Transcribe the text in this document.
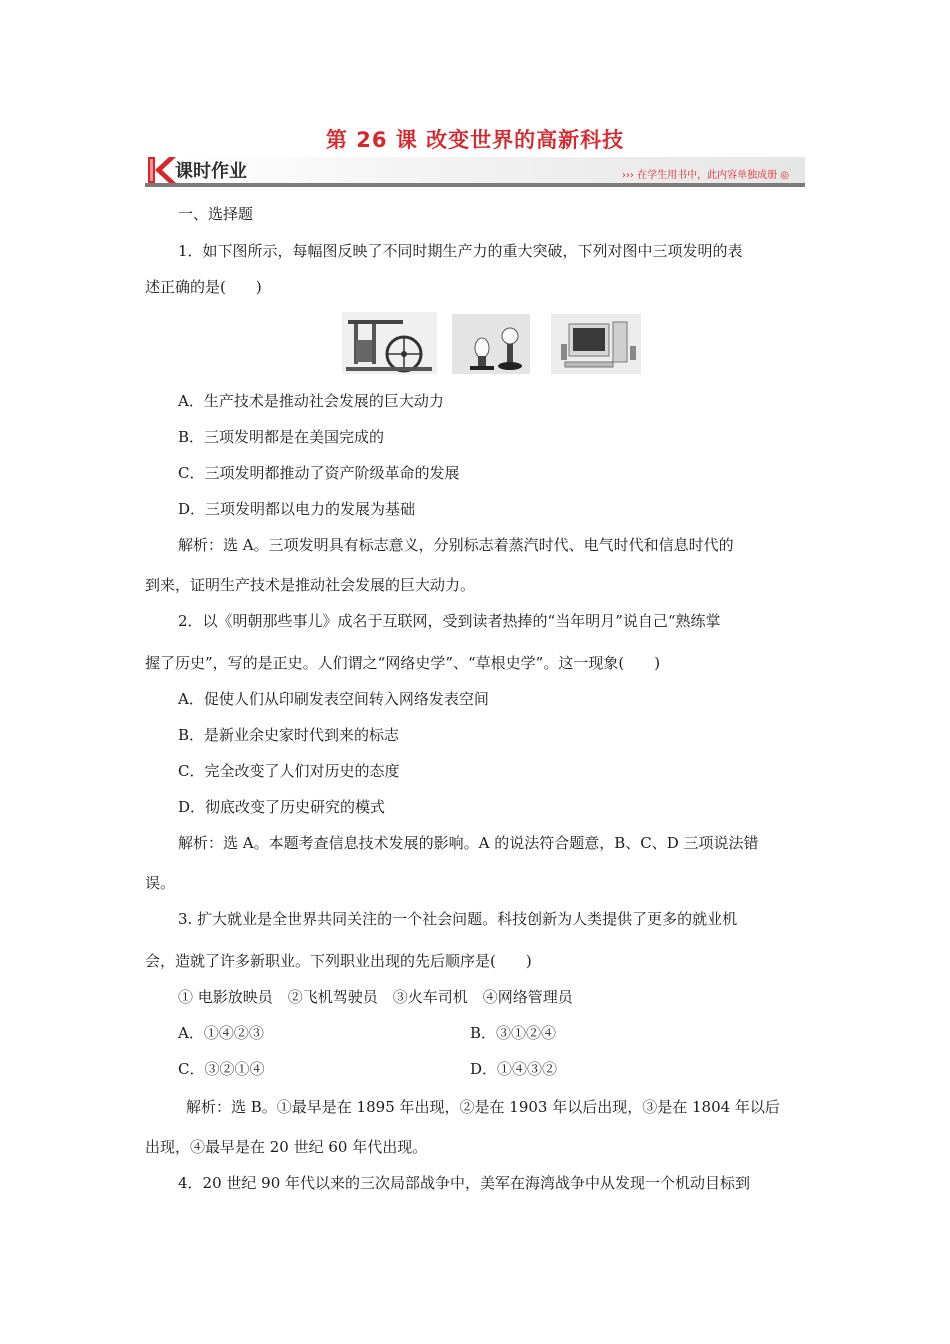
第 26 课 改变世界的高新科技
课时作业	››› 在学生用书中，此内容单独成册 ◎
一、选择题
1．如下图所示，每幅图反映了不同时期生产力的重大突破，下列对图中三项发明的表
述正确的是(　　)
A．生产技术是推动社会发展的巨大动力
B．三项发明都是在美国完成的
C．三项发明都推动了资产阶级革命的发展
D．三项发明都以电力的发展为基础
解析：选 A。三项发明具有标志意义，分别标志着蒸汽时代、电气时代和信息时代的
到来，证明生产技术是推动社会发展的巨大动力。
2．以《明朝那些事儿》成名于互联网，受到读者热捧的“当年明月”说自己“熟练掌
握了历史”，写的是正史。人们谓之“网络史学”、“草根史学”。这一现象(　　)
A．促使人们从印刷发表空间转入网络发表空间
B．是新业余史家时代到来的标志
C．完全改变了人们对历史的态度
D．彻底改变了历史研究的模式
解析：选 A。本题考查信息技术发展的影响。A 的说法符合题意，B、C、D 三项说法错
误。
3. 扩大就业是全世界共同关注的一个社会问题。科技创新为人类提供了更多的就业机
会，造就了许多新职业。下列职业出现的先后顺序是(　　)
① 电影放映员　②飞机驾驶员　③火车司机　④网络管理员
A．①④②③	B．③①②④
C．③②①④	D．①④③②
解析：选 B。①最早是在 1895 年出现，②是在 1903 年以后出现，③是在 1804 年以后
出现，④最早是在 20 世纪 60 年代出现。
4．20 世纪 90 年代以来的三次局部战争中，美军在海湾战争中从发现一个机动目标到
